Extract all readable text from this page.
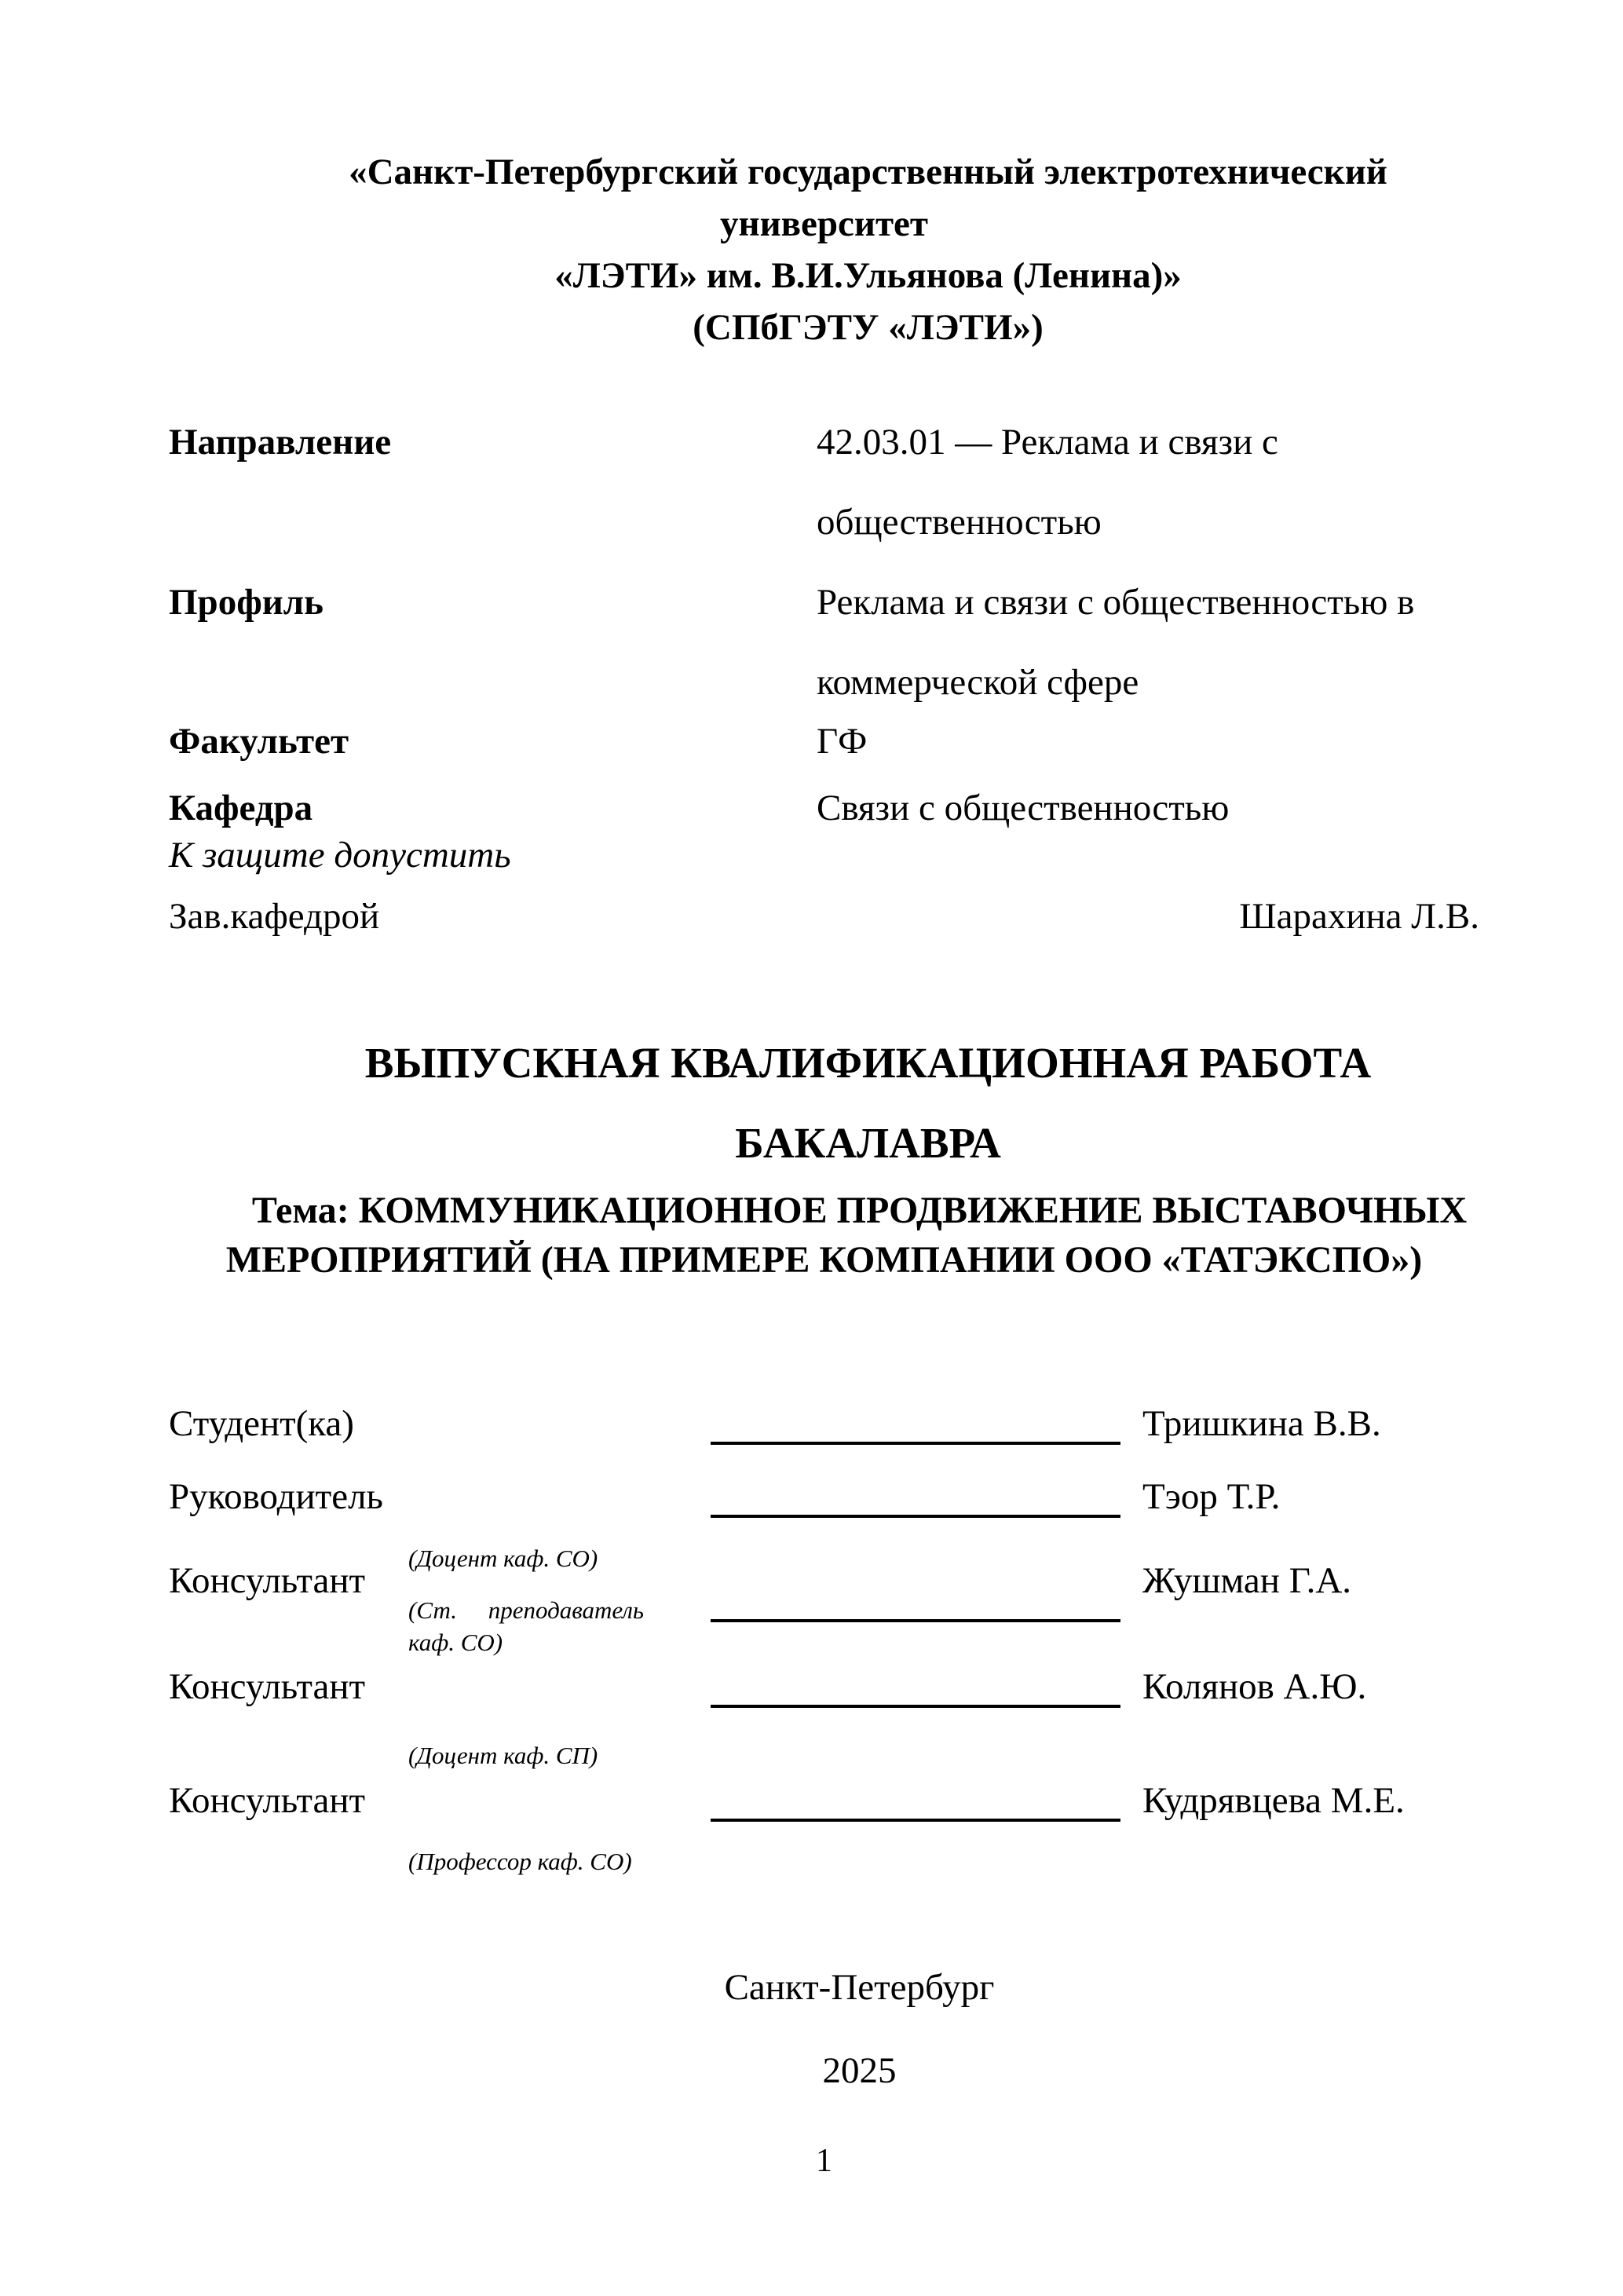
«Санкт-Петербургский государственный электротехнический
университет
«ЛЭТИ» им. В.И.Ульянова (Ленина)»
(СПбГЭТУ «ЛЭТИ»)
Направление	42.03.01 — Реклама и связи с общественностью
Профиль	Реклама и связи с общественностью в коммерческой сфере
Факультет	ГФ
Кафедра	Связи с общественностью
К защите допустить
Зав.кафедрой	Шарахина Л.В.
ВЫПУСКНАЯ КВАЛИФИКАЦИОННАЯ РАБОТА
БАКАЛАВРА
Тема: КОММУНИКАЦИОННОЕ ПРОДВИЖЕНИЕ ВЫСТАВОЧНЫХ МЕРОПРИЯТИЙ (НА ПРИМЕРЕ КОМПАНИИ ООО «ТАТЭКСПО»)
Студент(ка)	Тришкина В.В.
Руководитель	Тэор Т.Р.
(Доцент каф. СО)
Консультант	Жушман Г.А.
(Ст. преподаватель каф. СО)
Консультант	Колянов А.Ю.
(Доцент каф. СП)
Консультант	Кудрявцева М.Е.
(Профессор каф. СО)
Санкт-Петербург
2025
1
